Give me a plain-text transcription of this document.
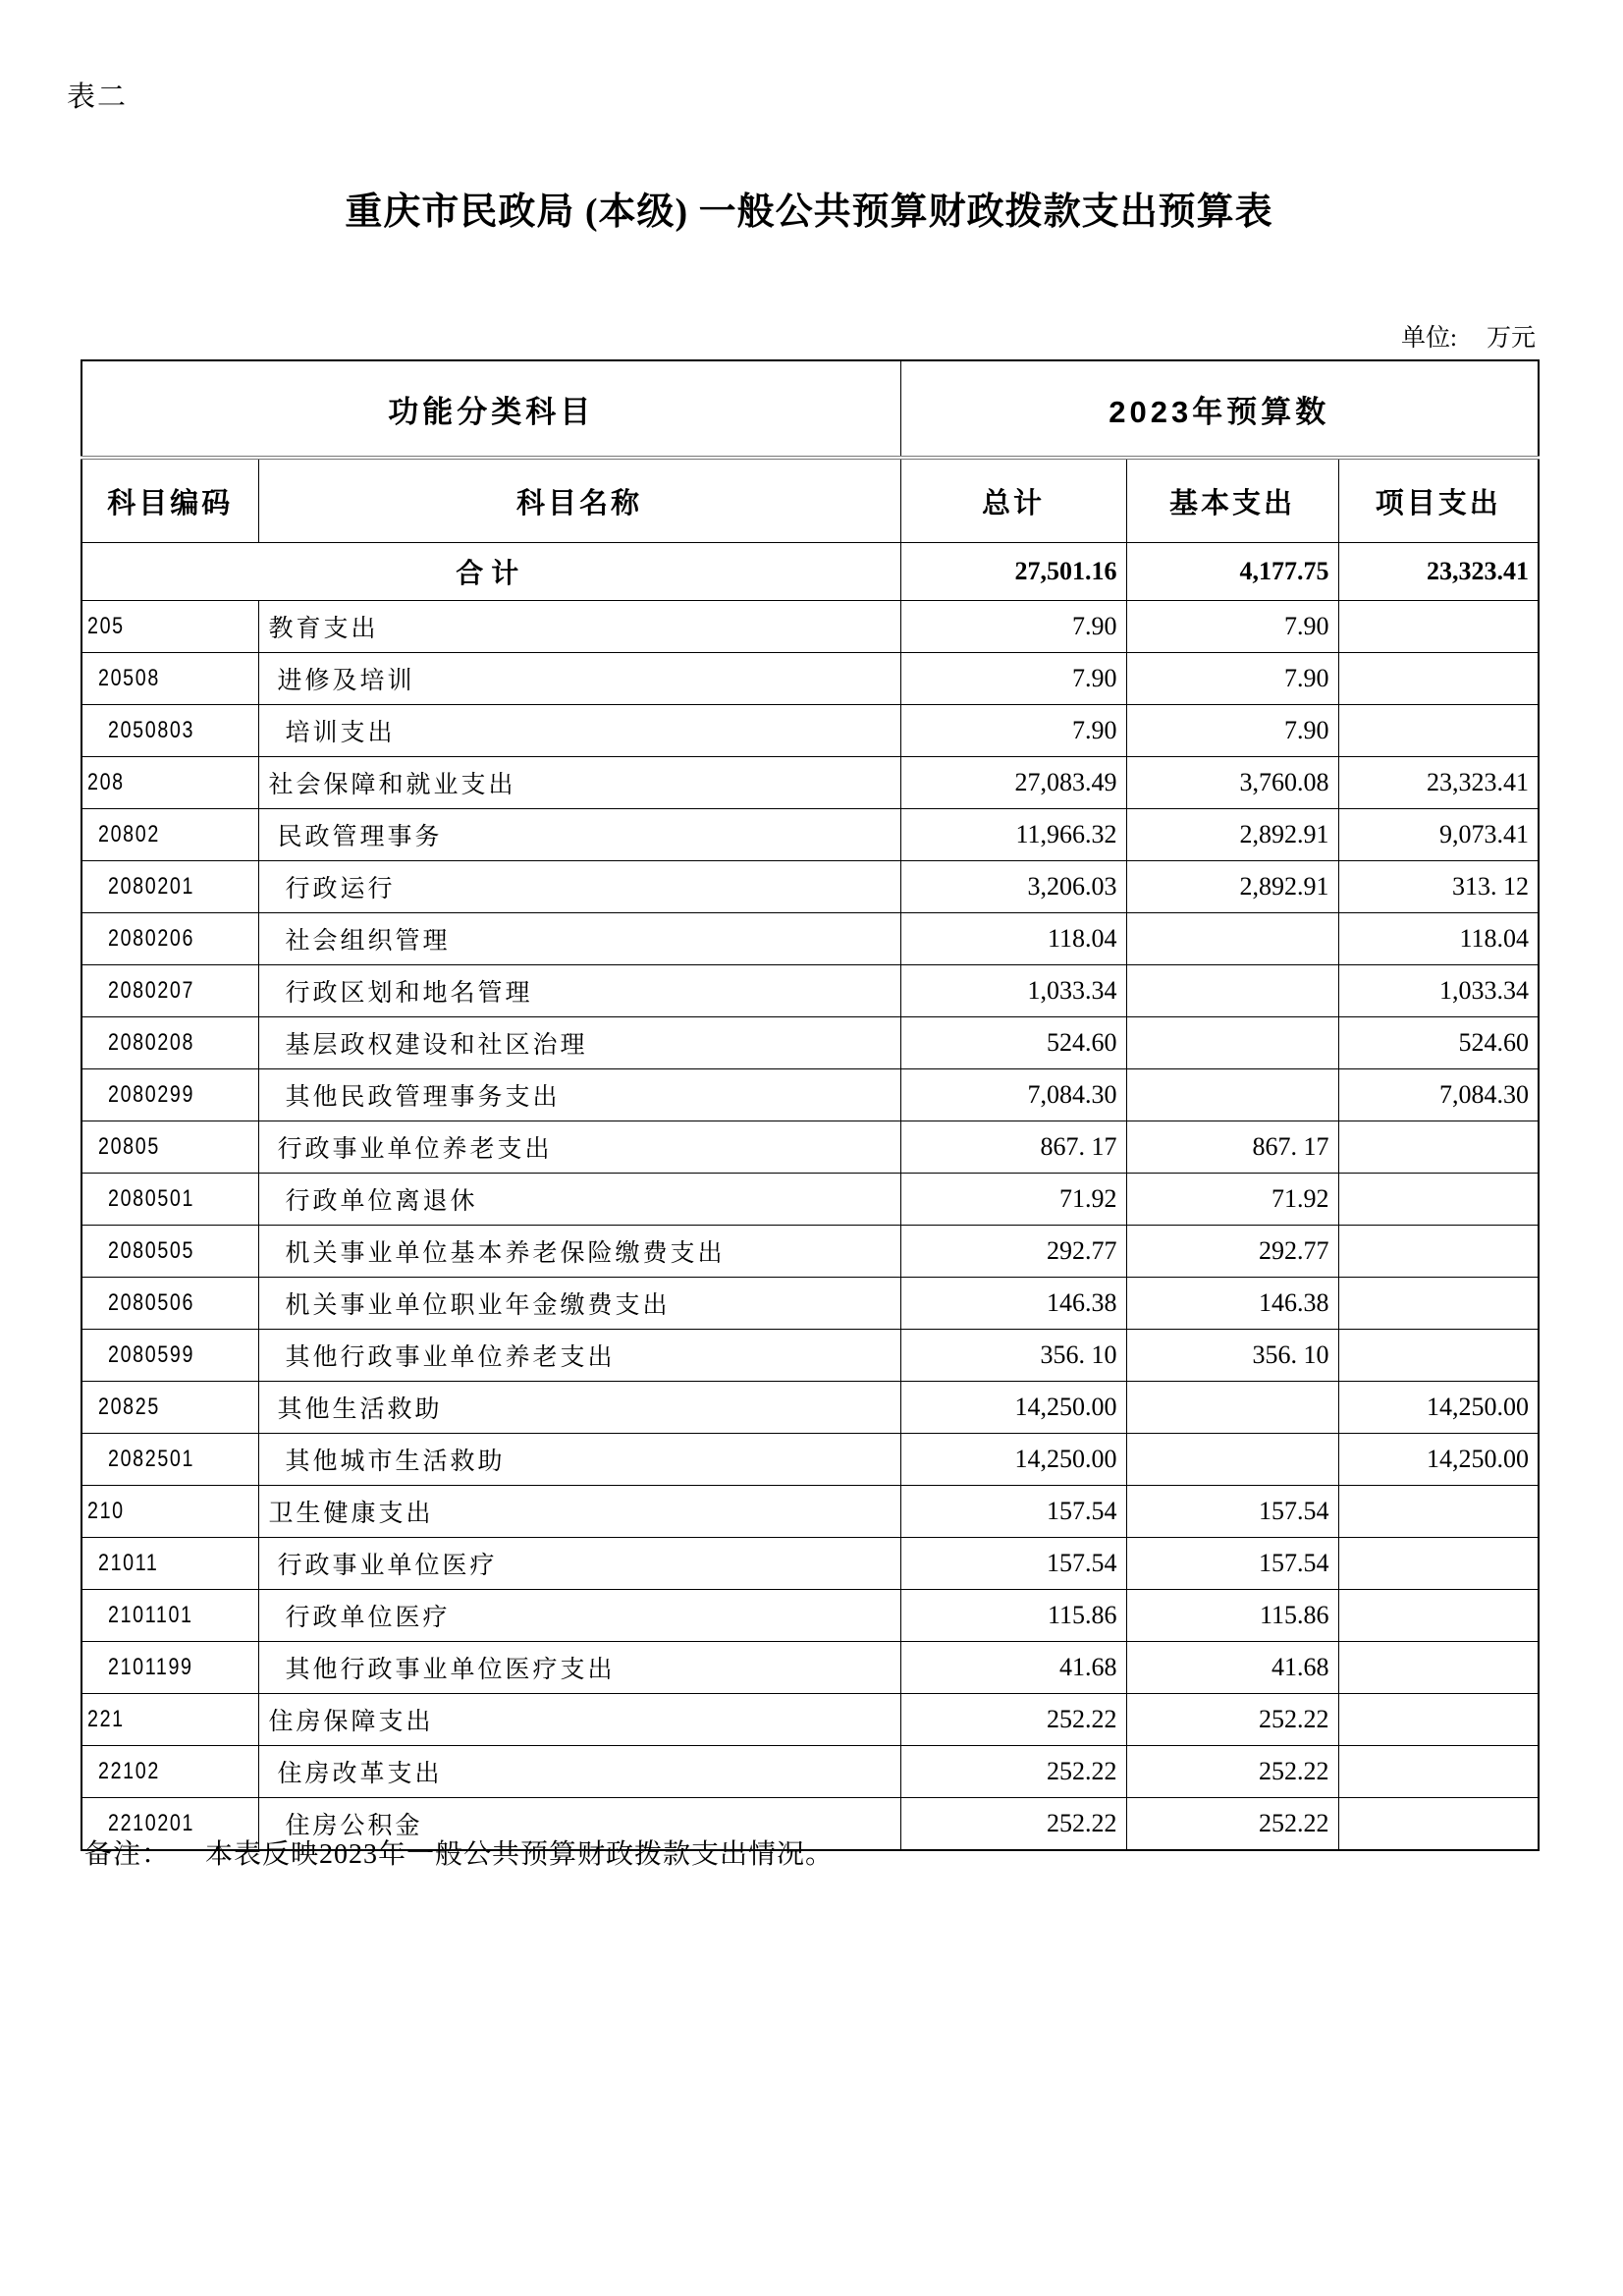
表二
重庆市民政局 (本级) 一般公共预算财政拨款支出预算表
单位: 万元
功能分类科目		2023年预算数		
科目编码	科目名称	总计	基本支出	项目支出
合计		27,501.16	4,177.75	23,323.41
205	教育支出	7.90	7.90	
20508	进修及培训	7.90	7.90	
2050803	培训支出	7.90	7.90	
208	社会保障和就业支出	27,083.49	3,760.08	23,323.41
20802	民政管理事务	11,966.32	2,892.91	9,073.41
2080201	行政运行	3,206.03	2,892.91	313. 12
2080206	社会组织管理	118.04		118.04
2080207	行政区划和地名管理	1,033.34		1,033.34
2080208	基层政权建设和社区治理	524.60		524.60
2080299	其他民政管理事务支出	7,084.30		7,084.30
20805	行政事业单位养老支出	867. 17	867. 17	
2080501	行政单位离退休	71.92	71.92	
2080505	机关事业单位基本养老保险缴费支出	292.77	292.77	
2080506	机关事业单位职业年金缴费支出	146.38	146.38	
2080599	其他行政事业单位养老支出	356. 10	356. 10	
20825	其他生活救助	14,250.00		14,250.00
2082501	其他城市生活救助	14,250.00		14,250.00
210	卫生健康支出	157.54	157.54	
21011	行政事业单位医疗	157.54	157.54	
2101101	行政单位医疗	115.86	115.86	
2101199	其他行政事业单位医疗支出	41.68	41.68	
221	住房保障支出	252.22	252.22	
22102	住房改革支出	252.22	252.22	
2210201	住房公积金	252.22	252.22	
备注： 本表反映2023年一般公共预算财政拨款支出情况。
